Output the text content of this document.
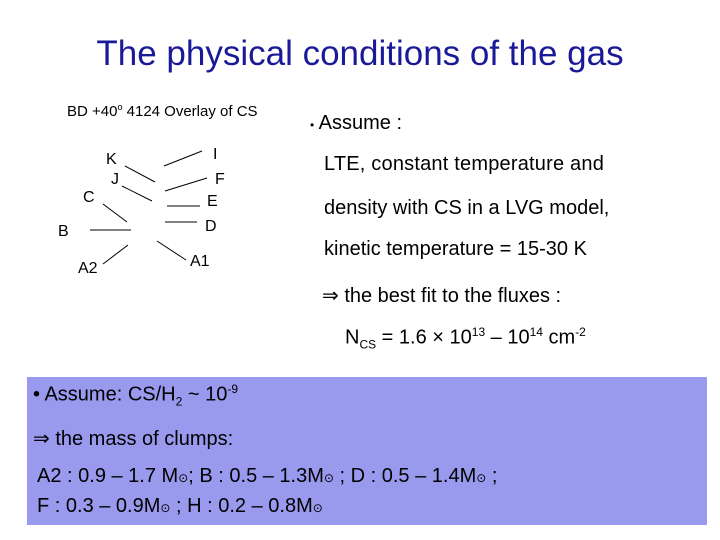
The physical conditions of the gas
BD $+40^o$ 4124 Overlay of CS
K
J
C
B
A2
I
F
E
D
A1
• Assume :
LTE, constant temperature and
density with CS in a LVG model,
kinetic temperature = 15-30 K
⇒ the best fit to the fluxes :
$N_{CS} = 1.6 \times 10^{13} - 10^{14}$ $cm^{-2}$
• Assume: $CS/H_2$ ~ $10^{-9}$
⇒ the mass of clumps:
A2 : 0.9 – 1.7 M⊙; B : 0.5 – 1.3M⊙ ; D : 0.5 – 1.4M⊙ ;
F : 0.3 – 0.9M⊙ ; H : 0.2 – 0.8M⊙
